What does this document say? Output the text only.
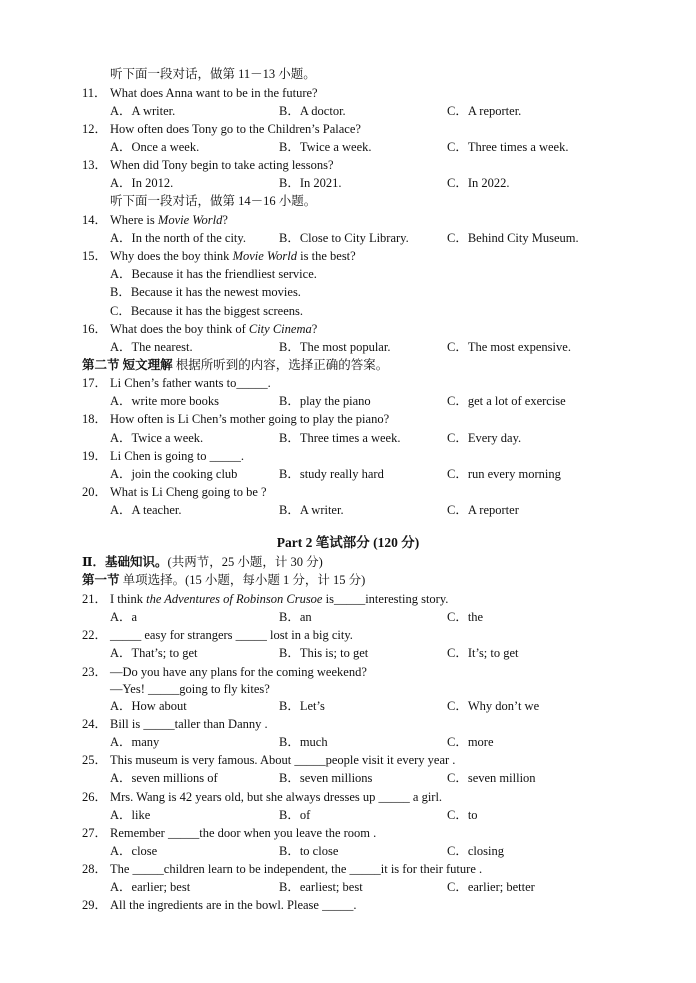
听下面一段对话，做第 11－13 小题。
11． What does Anna want to be in the future?
A．A writer.	B．A doctor.	C．A reporter.
12． How often does Tony go to the Children’s Palace?
A．Once a week.	B．Twice a week.	C．Three times a week.
13． When did Tony begin to take acting lessons?
A．In 2012.	B．In 2021.	C．In 2022.
听下面一段对话，做第 14－16 小题。
14． Where is Movie World?
A．In the north of the city.	B．Close to City Library.	C．Behind City Museum.
15． Why does the boy think Movie World is the best?
A．Because it has the friendliest service.
B．Because it has the newest movies.
C．Because it has the biggest screens.
16． What does the boy think of City Cinema?
A．The nearest.	B．The most popular.	C．The most expensive.
第二节 短文理解 根据所听到的内容，选择正确的答案。
17． Li Chen’s father wants to_____.
A．write more books	B．play the piano	C．get a lot of exercise
18． How often is Li Chen’s mother going to play the piano?
A．Twice a week.	B．Three times a week.	C．Every day.
19． Li Chen is going to _____.
A．join the cooking club	B．study really hard	C．run every morning
20． What is Li Cheng going to be ?
A．A teacher.	B．A writer.	C．A reporter
Part 2 笔试部分 (120 分)
Ⅱ．基础知识。(共两节，25 小题，计 30 分)
第一节 单项选择。(15 小题，每小题 1 分，计 15 分)
21． I think the Adventures of Robinson Crusoe is_____interesting story.
A．a	B．an	C．the
22． _____ easy for strangers _____ lost in a big city.
A．That’s; to get	B．This is; to get	C．It’s; to get
23． —Do you have any plans for the coming weekend?
—Yes! _____going to fly kites?
A．How about	B．Let’s	C．Why don’t we
24． Bill is _____taller than Danny .
A．many	B．much	C．more
25． This museum is very famous. About _____people visit it every year .
A．seven millions of	B．seven millions	C．seven million
26． Mrs. Wang is 42 years old, but she always dresses up _____ a girl.
A．like	B．of	C．to
27． Remember _____the door when you leave the room .
A．close	B．to close	C．closing
28． The _____children learn to be independent, the _____it is for their future .
A．earlier; best	B．earliest; best	C．earlier; better
29． All the ingredients are in the bowl. Please _____.
